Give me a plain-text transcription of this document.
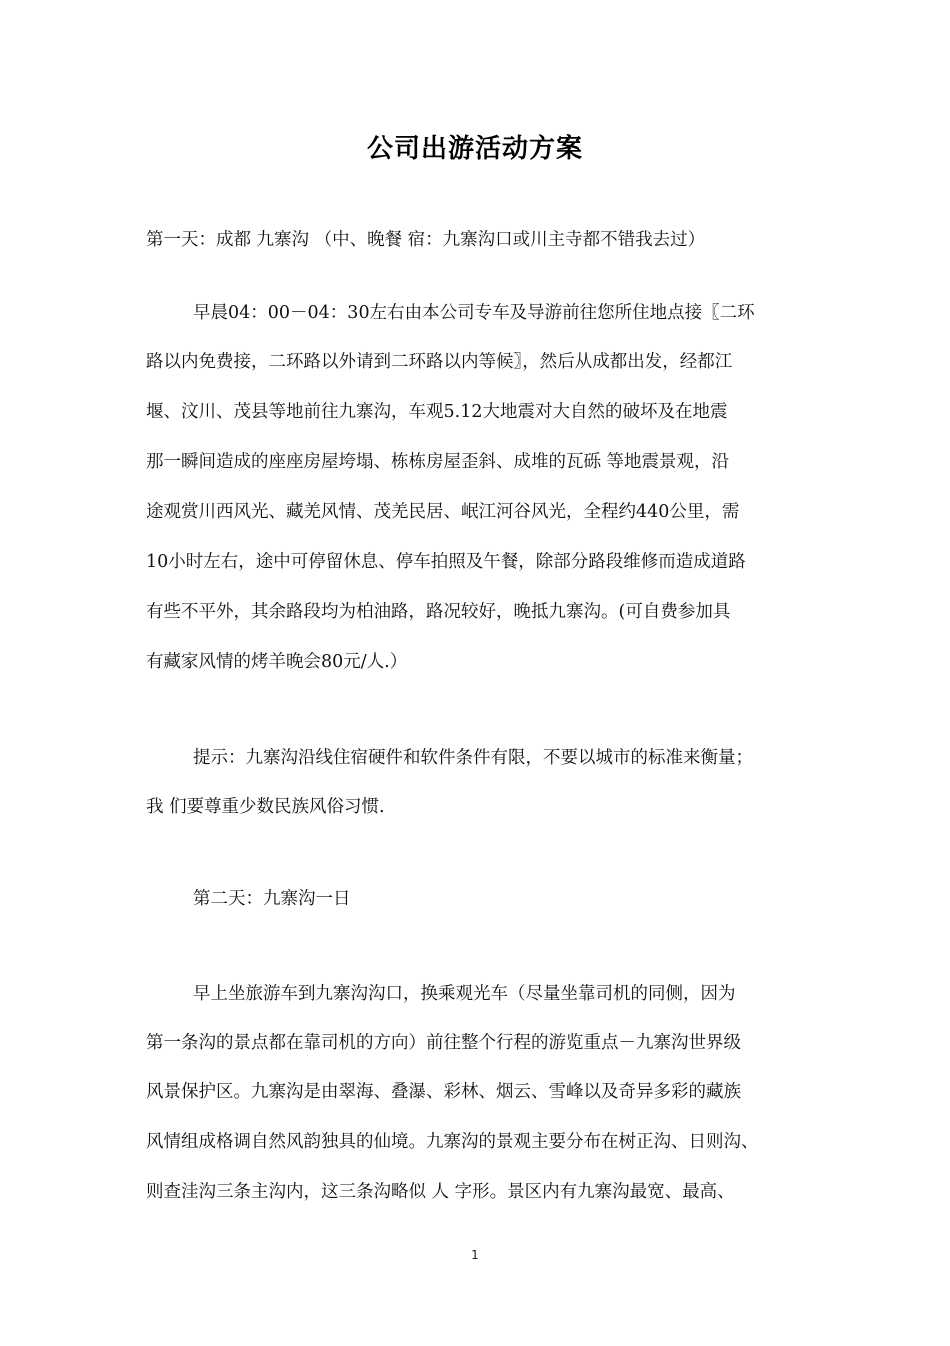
公司出游活动方案
第一天：成都 九寨沟 （中、晚餐 宿：九寨沟口或川主寺都不错我去过）
早晨04：00－04：30左右由本公司专车及导游前往您所住地点接〖二环
路以内免费接，二环路以外请到二环路以内等候〗，然后从成都出发，经都江
堰、汶川、茂县等地前往九寨沟，车观5.12大地震对大自然的破坏及在地震
那一瞬间造成的座座房屋垮塌、栋栋房屋歪斜、成堆的瓦砾 等地震景观，沿
途观赏川西风光、藏羌风情、茂羌民居、岷江河谷风光，全程约440公里，需
10小时左右，途中可停留休息、停车拍照及午餐，除部分路段维修而造成道路
有些不平外，其余路段均为柏油路，路况较好，晚抵九寨沟。(可自费参加具
有藏家风情的烤羊晚会80元/人.）
提示：九寨沟沿线住宿硬件和软件条件有限，不要以城市的标准来衡量；
我 们要尊重少数民族风俗习惯.
第二天：九寨沟一日
早上坐旅游车到九寨沟沟口，换乘观光车（尽量坐靠司机的同侧，因为
第一条沟的景点都在靠司机的方向）前往整个行程的游览重点－九寨沟世界级
风景保护区。九寨沟是由翠海、叠瀑、彩林、烟云、雪峰以及奇异多彩的藏族
风情组成格调自然风韵独具的仙境。九寨沟的景观主要分布在树正沟、日则沟、
则查洼沟三条主沟内，这三条沟略似 人 字形。景区内有九寨沟最宽、最高、
1
